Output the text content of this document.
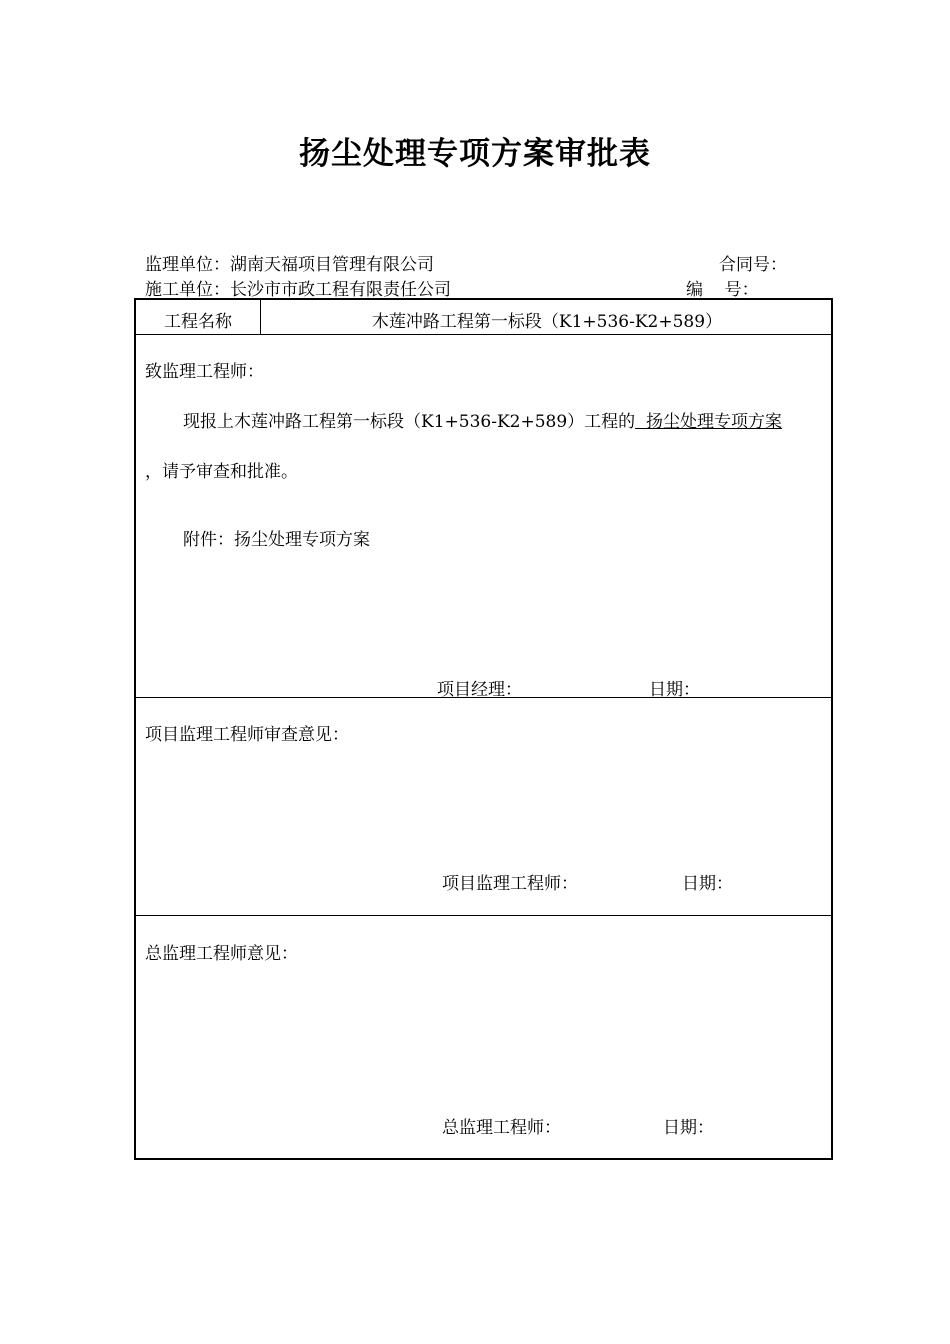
扬尘处理专项方案审批表
监理单位：湖南天福项目管理有限公司	合同号：
施工单位：长沙市市政工程有限责任公司	编    号：
工程名称	木莲冲路工程第一标段（K1+536-K2+589）
致监理工程师：
现报上木莲冲路工程第一标段（K1+536-K2+589）工程的  扬尘处理专项方案
，请予审查和批准。
附件：扬尘处理专项方案
项目经理：	日期：
项目监理工程师审查意见：
项目监理工程师：	日期：
总监理工程师意见：
总监理工程师：	日期：
